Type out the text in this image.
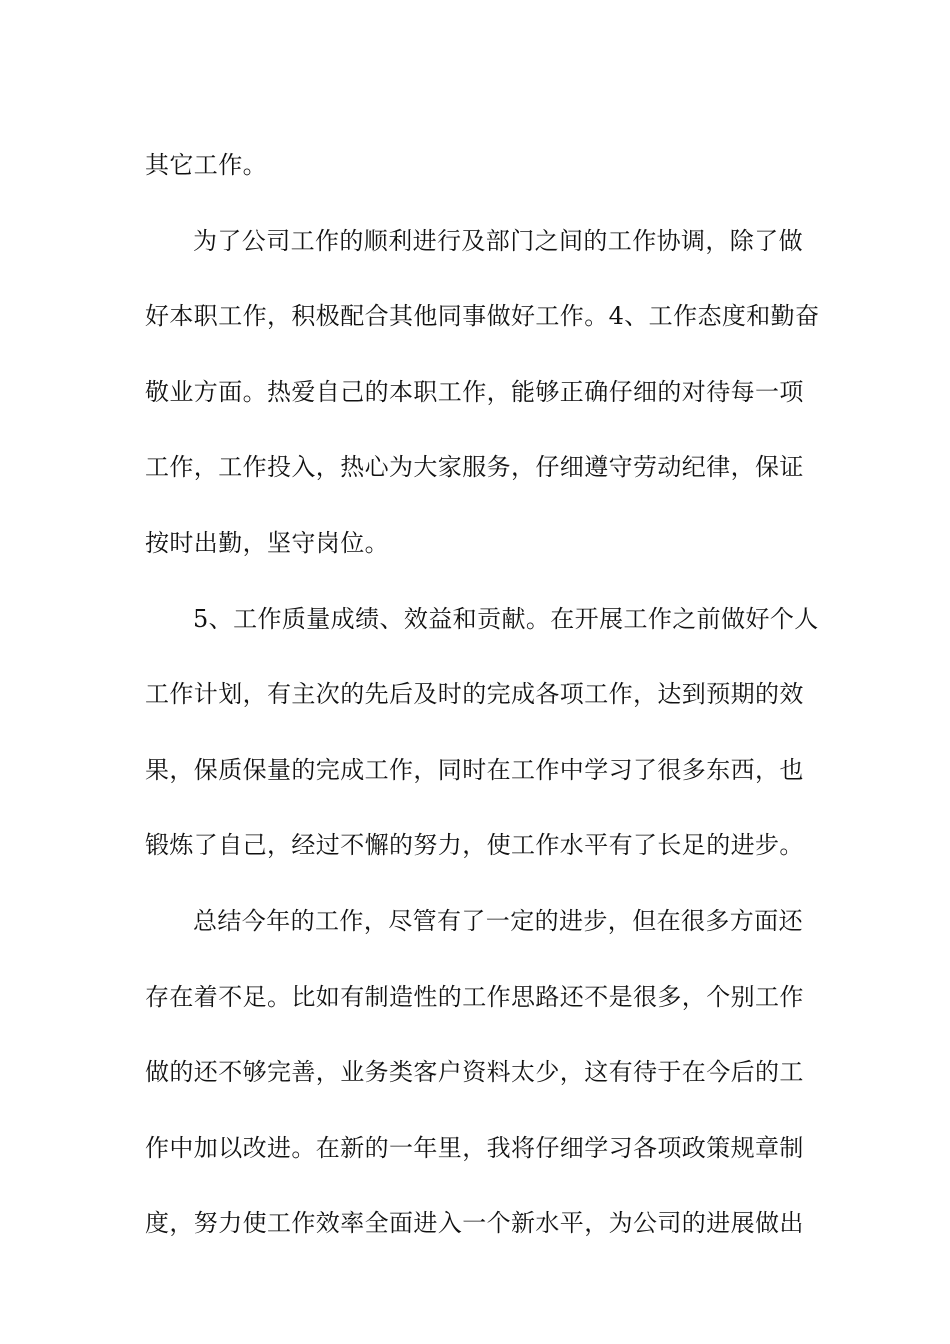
其它工作。
为了公司工作的顺利进行及部门之间的工作协调，除了做
好本职工作，积极配合其他同事做好工作。4、工作态度和勤奋
敬业方面。热爱自己的本职工作，能够正确仔细的对待每一项
工作，工作投入，热心为大家服务，仔细遵守劳动纪律，保证
按时出勤，坚守岗位。
5、工作质量成绩、效益和贡献。在开展工作之前做好个人
工作计划，有主次的先后及时的完成各项工作，达到预期的效
果，保质保量的完成工作，同时在工作中学习了很多东西，也
锻炼了自己，经过不懈的努力，使工作水平有了长足的进步。
总结今年的工作，尽管有了一定的进步，但在很多方面还
存在着不足。比如有制造性的工作思路还不是很多，个别工作
做的还不够完善，业务类客户资料太少，这有待于在今后的工
作中加以改进。在新的一年里，我将仔细学习各项政策规章制
度，努力使工作效率全面进入一个新水平，为公司的进展做出
